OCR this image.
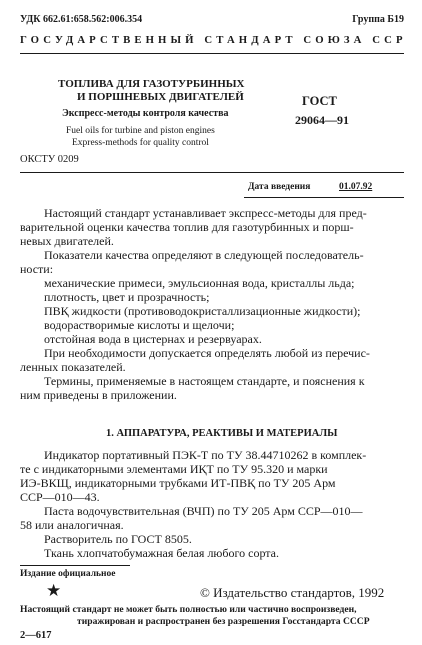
УДК 662.61:658.562:006.354	Группа Б19
ГОСУДАРСТВЕННЫЙ СТАНДАРТ СОЮЗА ССР
ТОПЛИВА ДЛЯ ГАЗОТУРБИННЫХ
И ПОРШНЕВЫХ ДВИГАТЕЛЕЙ
Экспресс-методы контроля качества
Fuel oils for turbine and piston engines
Express-methods for quality control
ГОСТ
29064—91
ОКСТУ 0209
Дата введения	01.07.92
Настоящий стандарт устанавливает экспресс-методы для пред-
варительной оценки качества топлив для газотурбинных и порш-
невых двигателей.
Показатели качества определяют в следующей последователь-
ности:
механические примеси, эмульсионная вода, кристаллы льда;
плотность, цвет и прозрачность;
ПВҚ жидкости (противоводокристаллизационные жидкости);
водорастворимые кислоты и щелочи;
отстойная вода в цистернах и резервуарах.
При необходимости допускается определять любой из перечис-
ленных показателей.
Термины, применяемые в настоящем стандарте, и пояснения к
ним приведены в приложении.
1. АППАРАТУРА, РЕАКТИВЫ И МАТЕРИАЛЫ
Индикатор портативный ПЭК-Т по ТУ 38.44710262 в комплек-
те с индикаторными элементами ИҚТ по ТУ 95.320 и марки
ИЭ-ВКЩ, индикаторными трубками ИТ-ПВҚ по ТУ 205 Арм
ССР—010—43.
Паста водочувствительная (ВЧП) по ТУ 205 Арм ССР—010—
58 или аналогичная.
Растворитель по ГОСТ 8505.
Ткань хлопчатобумажная белая любого сорта.
Издание официальное
★	© Издательство стандартов, 1992
Настоящий стандарт не может быть полностью или частично воспроизведен,
тиражирован и распространен без разрешения Госстандарта СССР
2—617
